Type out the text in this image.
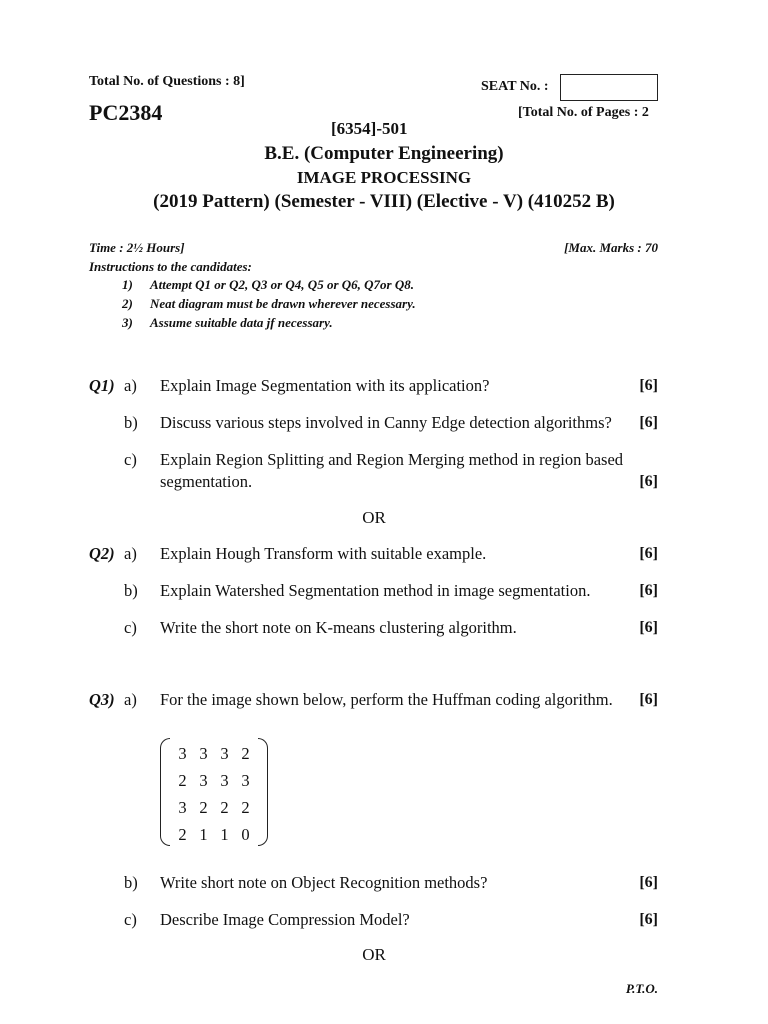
Total No. of Questions : 8]	SEAT No. :
PC2384	[Total No. of Pages : 2
[6354]-501
B.E. (Computer Engineering)
IMAGE PROCESSING
(2019 Pattern) (Semester - VIII) (Elective - V) (410252 B)
Time : 2½ Hours]	[Max. Marks : 70
Instructions to the candidates:
1) Attempt Q1 or Q2, Q3 or Q4, Q5 or Q6, Q7or Q8.
2) Neat diagram must be drawn wherever necessary.
3) Assume suitable data jf necessary.
Q1) a) Explain Image Segmentation with its application?	[6]
b) Discuss various steps involved in Canny Edge detection algorithms? [6]
c) Explain Region Splitting and Region Merging method in region based
segmentation.	[6]
OR
Q2) a) Explain Hough Transform with suitable example.	[6]
b) Explain Watershed Segmentation method in image segmentation.	[6]
c) Write the short note on K-means clustering algorithm.	[6]
Q3) a) For the image shown below, perform the Huffman coding algorithm. [6]
3 3 3 2
2 3 3 3
3 2 2 2
2 1 1 0
b) Write short note on Object Recognition methods?	[6]
c) Describe Image Compression Model?	[6]
OR
P.T.O.
